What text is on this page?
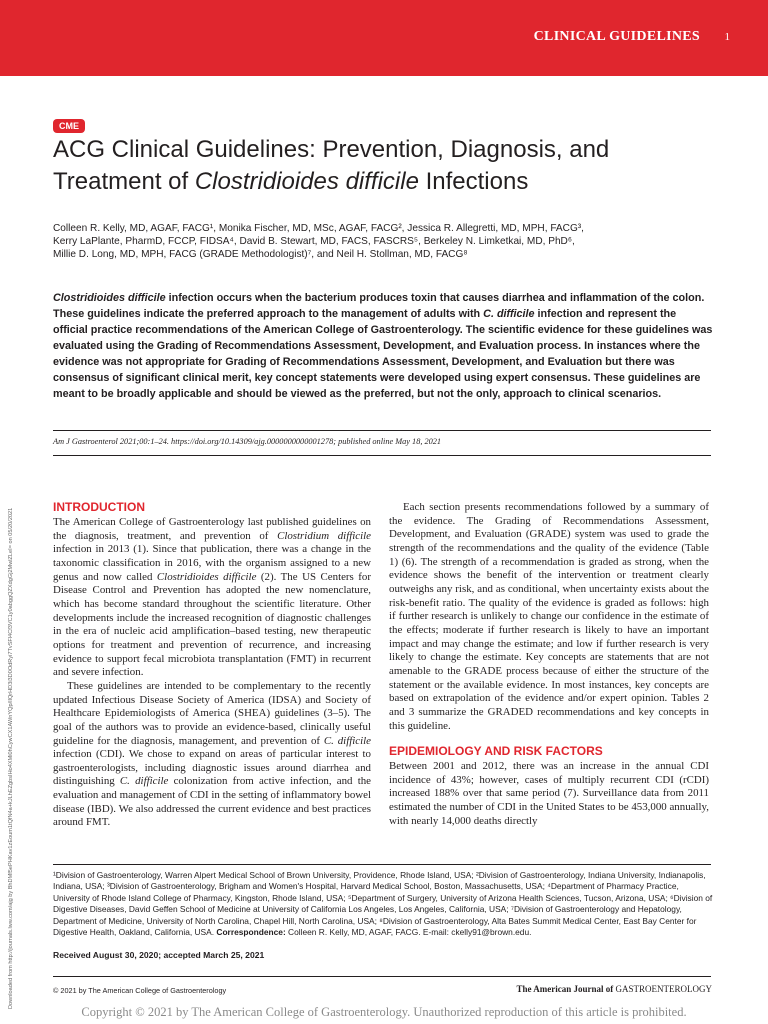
CLINICAL GUIDELINES 1
Downloaded from http://journals.lww.com/ajg by BhDMf5ePHKav1zEoum1tQfN4a+kJLhEZgbsIHo4XMi0hCywCX1AWnYQp/IlQrHD3i3D0OdRyi7TvSFl4Cf3VC1y0abggQZXdgGj2MwlZLeI= on 05/20/2021
CME
ACG Clinical Guidelines: Prevention, Diagnosis, and Treatment of Clostridioides difficile Infections
Colleen R. Kelly, MD, AGAF, FACG¹, Monika Fischer, MD, MSc, AGAF, FACG², Jessica R. Allegretti, MD, MPH, FACG³,
Kerry LaPlante, PharmD, FCCP, FIDSA⁴, David B. Stewart, MD, FACS, FASCRS⁵, Berkeley N. Limketkai, MD, PhD⁶,
Millie D. Long, MD, MPH, FACG (GRADE Methodologist)⁷, and Neil H. Stollman, MD, FACG⁸
Clostridioides difficile infection occurs when the bacterium produces toxin that causes diarrhea and inflammation of the colon. These guidelines indicate the preferred approach to the management of adults with C. difficile infection and represent the official practice recommendations of the American College of Gastroenterology. The scientific evidence for these guidelines was evaluated using the Grading of Recommendations Assessment, Development, and Evaluation process. In instances where the evidence was not appropriate for Grading of Recommendations Assessment, Development, and Evaluation but there was consensus of significant clinical merit, key concept statements were developed using expert consensus. These guidelines are meant to be broadly applicable and should be viewed as the preferred, but not the only, approach to clinical scenarios.
Am J Gastroenterol 2021;00:1–24. https://doi.org/10.14309/ajg.0000000000001278; published online May 18, 2021
INTRODUCTION

The American College of Gastroenterology last published guidelines on the diagnosis, treatment, and prevention of Clostridium difficile infection in 2013 (1). Since that publication, there was a change in the taxonomic classification in 2016, with the organism assigned to a new genus and now called Clostridioides difficile (2). The US Centers for Disease Control and Prevention has adopted the new nomenclature, which has become standard throughout the scientific literature. Other developments include the increased recognition of diagnostic challenges in the era of nucleic acid amplification–based testing, new therapeutic options for treatment and prevention of recurrence, and increasing evidence to support fecal microbiota transplantation (FMT) in recurrent and severe infection.

These guidelines are intended to be complementary to the recently updated Infectious Disease Society of America (IDSA) and Society of Healthcare Epidemiologists of America (SHEA) guidelines (3–5). The goal of the authors was to provide an evidence-based, clinically useful guideline for the diagnosis, management, and prevention of C. difficile infection (CDI). We chose to expand on areas of particular interest to gastroenterologists, including diagnostic issues around diarrhea and distinguishing C. difficile colonization from active infection, and the evaluation and management of CDI in the setting of inflammatory bowel disease (IBD). We also addressed the current evidence and best practices around FMT.

Each section presents recommendations followed by a summary of the evidence. The Grading of Recommendations Assessment, Development, and Evaluation (GRADE) system was used to grade the strength of the recommendations and the quality of the evidence (Table 1) (6). The strength of a recommendation is graded as strong, when the evidence shows the benefit of the intervention or treatment clearly outweighs any risk, and as conditional, when uncertainty exists about the risk-benefit ratio. The quality of the evidence is graded as follows: high if further research is unlikely to change our confidence in the estimate of the effects; moderate if further research is likely to have an important impact and may change the estimate; and low if further research is very likely to change the estimate. Key concepts are statements that are not amenable to the GRADE process because of either the structure of the statement or the available evidence. In most instances, key concepts are based on extrapolation of the evidence and/or expert opinion. Tables 2 and 3 summarize the GRADED recommendations and key concepts in this guideline.

EPIDEMIOLOGY AND RISK FACTORS

Between 2001 and 2012, there was an increase in the annual CDI incidence of 43%; however, cases of multiply recurrent CDI (rCDI) increased 188% over that same period (7). Surveillance data from 2011 estimated the number of CDI in the United States to be 453,000 annually, with nearly 14,000 deaths directly

¹Division of Gastroenterology, Warren Alpert Medical School of Brown University, Providence, Rhode Island, USA; ²Division of Gastroenterology, Indiana University, Indianapolis, Indiana, USA; ³Division of Gastroenterology, Brigham and Women's Hospital, Harvard Medical School, Boston, Massachusetts, USA; ⁴Department of Pharmacy Practice, University of Rhode Island College of Pharmacy, Kingston, Rhode Island, USA; ⁵Department of Surgery, University of Arizona Health Sciences, Tucson, Arizona, USA; ⁶Division of Digestive Diseases, David Geffen School of Medicine at University of California Los Angeles, Los Angeles, California, USA; ⁷Division of Gastroenterology and Hepatology, Department of Medicine, University of North Carolina, Chapel Hill, North Carolina, USA; ⁸Division of Gastroenterology, Alta Bates Summit Medical Center, East Bay Center for Digestive Health, Oakland, California, USA. Correspondence: Colleen R. Kelly, MD, AGAF, FACG. E-mail: ckelly91@brown.edu.
Received August 30, 2020; accepted March 25, 2021
© 2021 by The American College of Gastroenterology	The American Journal of GASTROENTEROLOGY
Copyright © 2021 by The American College of Gastroenterology. Unauthorized reproduction of this article is prohibited.
